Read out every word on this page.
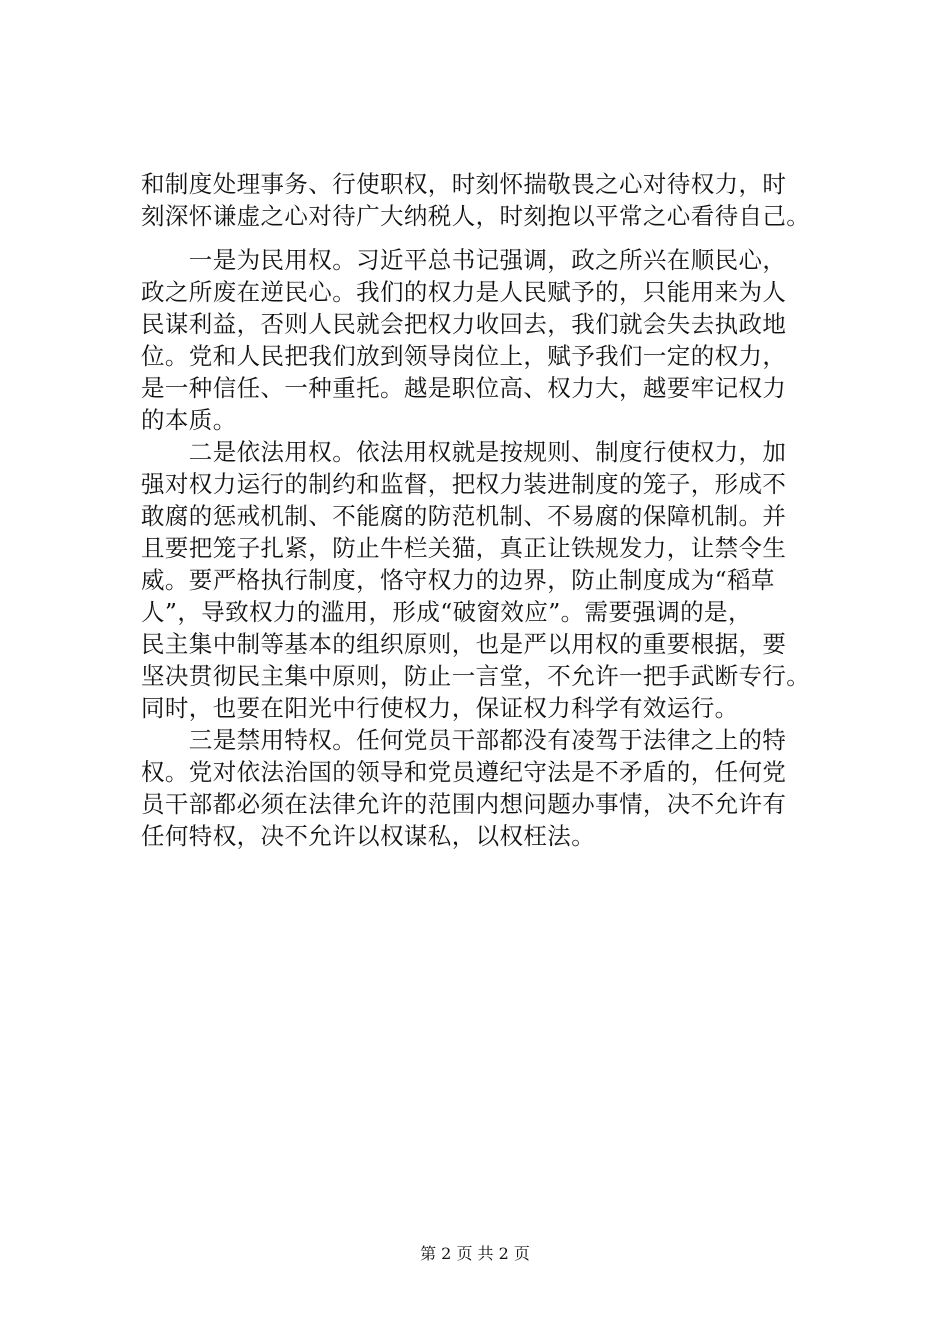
和制度处理事务、行使职权，时刻怀揣敬畏之心对待权力，时
刻深怀谦虚之心对待广大纳税人，时刻抱以平常之心看待自己。
　　一是为民用权。习近平总书记强调，政之所兴在顺民心，
政之所废在逆民心。我们的权力是人民赋予的，只能用来为人
民谋利益，否则人民就会把权力收回去，我们就会失去执政地
位。党和人民把我们放到领导岗位上，赋予我们一定的权力，
是一种信任、一种重托。越是职位高、权力大，越要牢记权力
的本质。
　　二是依法用权。依法用权就是按规则、制度行使权力，加
强对权力运行的制约和监督，把权力装进制度的笼子，形成不
敢腐的惩戒机制、不能腐的防范机制、不易腐的保障机制。并
且要把笼子扎紧，防止牛栏关猫，真正让铁规发力，让禁令生
威。要严格执行制度，恪守权力的边界，防止制度成为“稻草
人”，导致权力的滥用，形成“破窗效应”。需要强调的是，
民主集中制等基本的组织原则，也是严以用权的重要根据，要
坚决贯彻民主集中原则，防止一言堂，不允许一把手武断专行。
同时，也要在阳光中行使权力，保证权力科学有效运行。
　　三是禁用特权。任何党员干部都没有凌驾于法律之上的特
权。党对依法治国的领导和党员遵纪守法是不矛盾的，任何党
员干部都必须在法律允许的范围内想问题办事情，决不允许有
任何特权，决不允许以权谋私，以权枉法。
第 2 页 共 2 页
